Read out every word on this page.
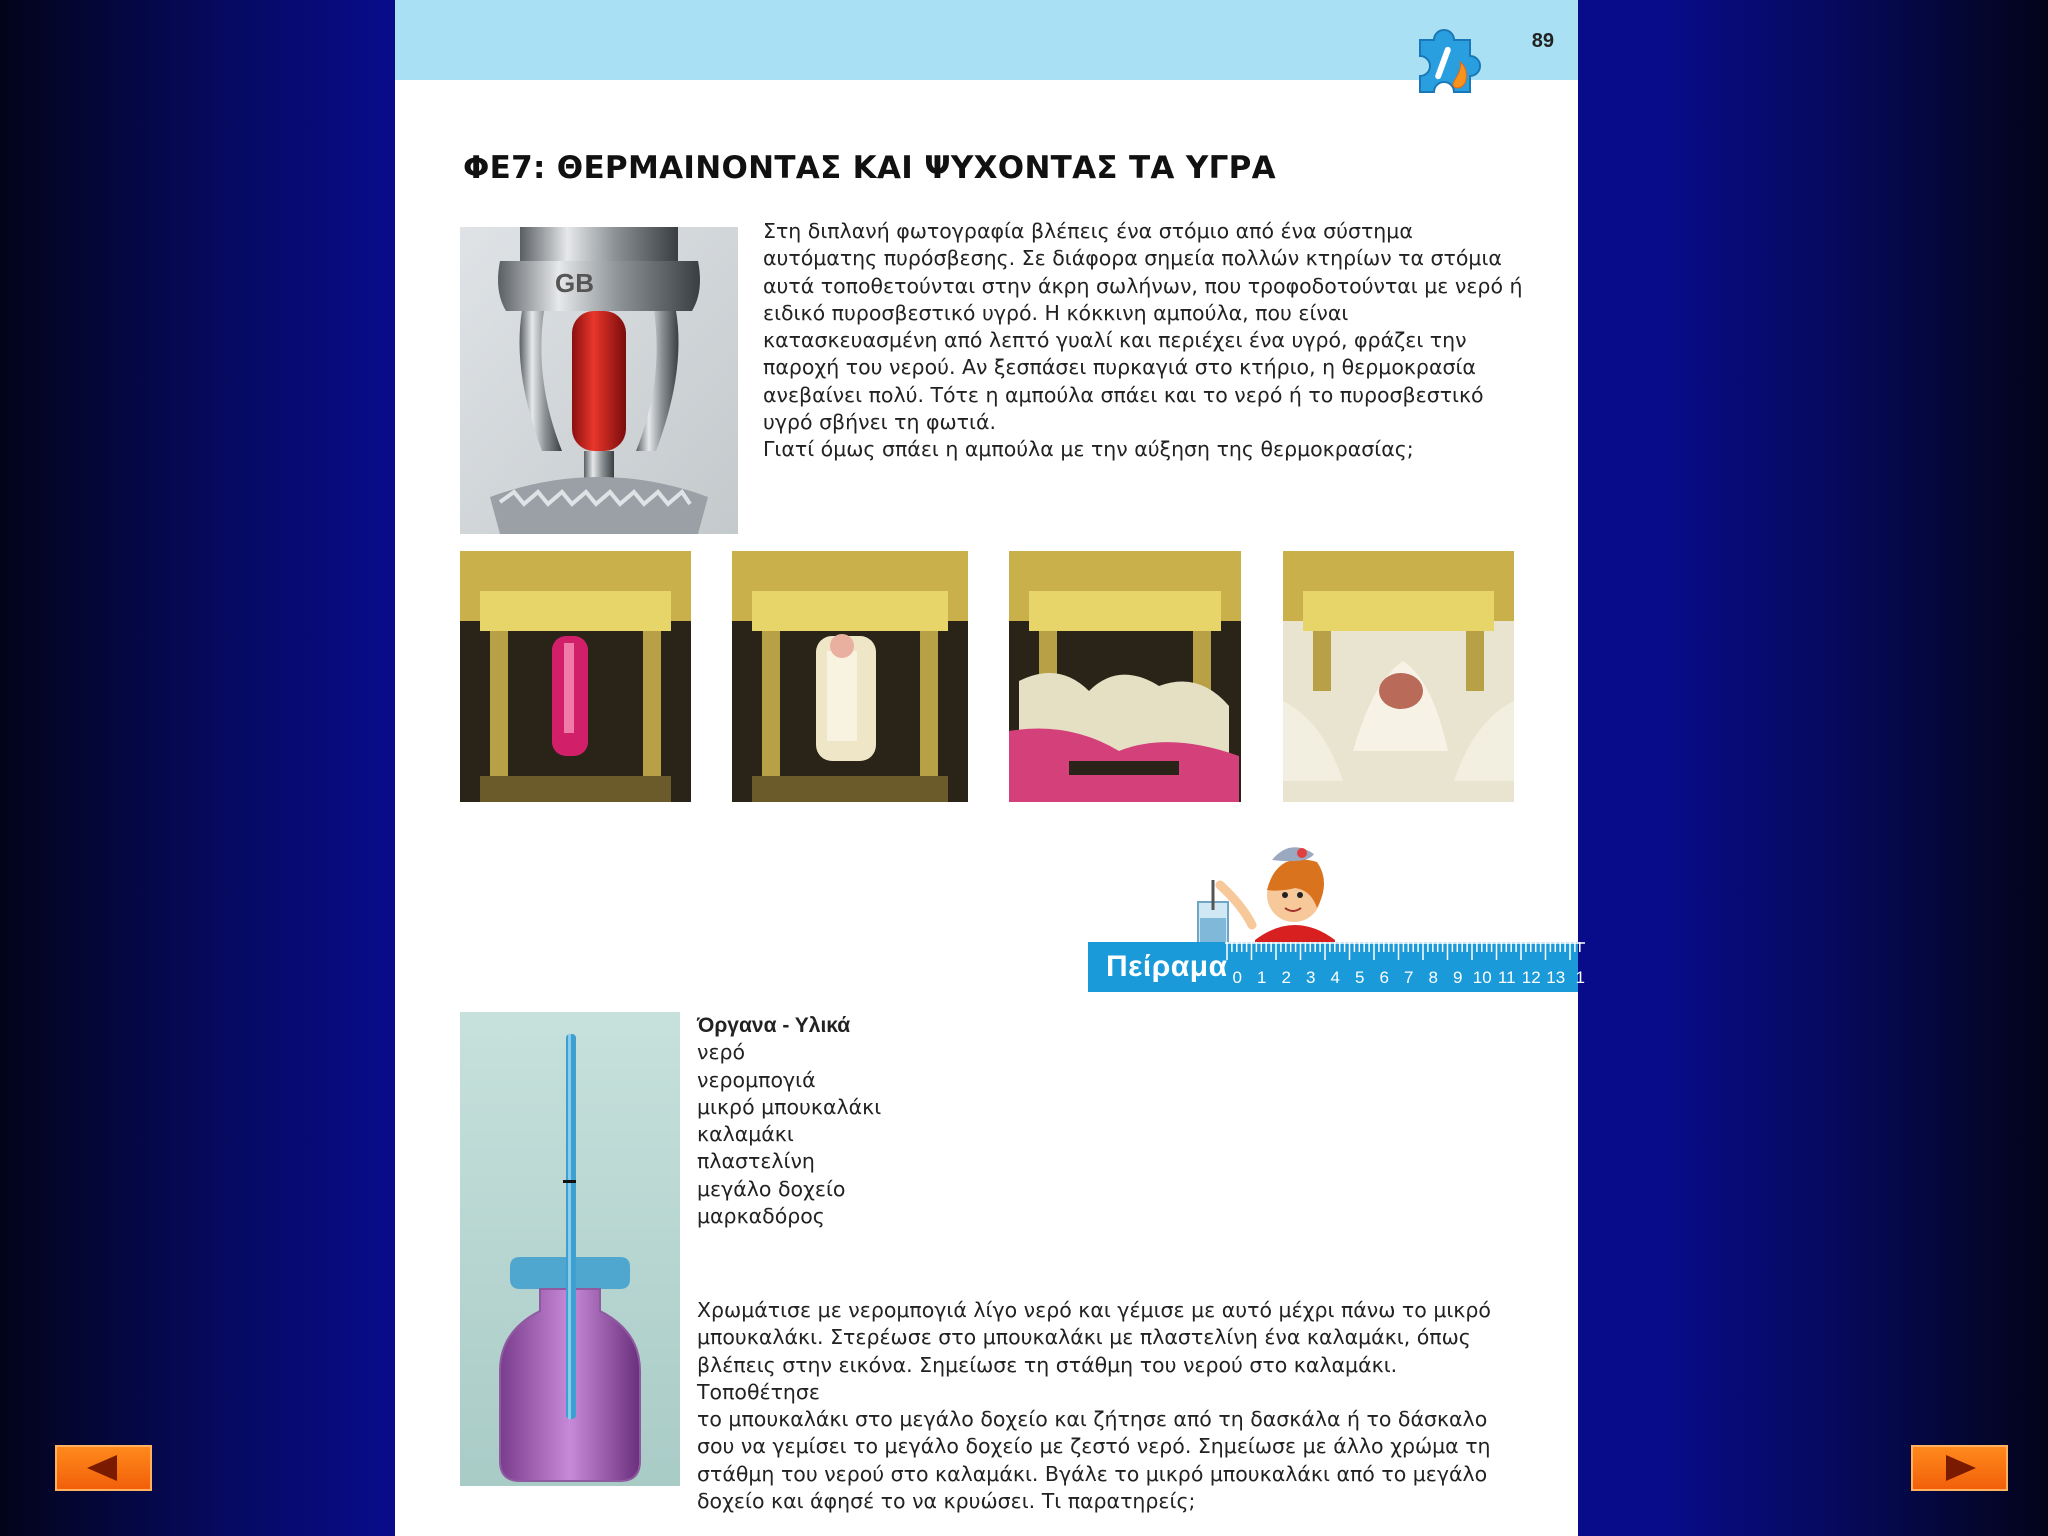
89
ΦΕ7: ΘΕΡΜΑΙΝΟΝΤΑΣ ΚΑΙ ΨΥΧΟΝΤΑΣ ΤΑ ΥΓΡΑ
GB

Στη διπλανή φωτογραφία βλέπεις ένα στόμιο από ένα σύστημα

αυτόματης πυρόσβεσης. Σε διάφορα σημεία πολλών κτηρίων τα στόμια

αυτά τοποθετούνται στην άκρη σωλήνων, που τροφοδοτούνται με νερό ή

ειδικό πυροσβεστικό υγρό. Η κόκκινη αμπούλα, που είναι

κατασκευασμένη από λεπτό γυαλί και περιέχει ένα υγρό, φράζει την

παροχή του νερού. Αν ξεσπάσει πυρκαγιά στο κτήριο, η θερμοκρασία

ανεβαίνει πολύ. Τότε η αμπούλα σπάει και το νερό ή το πυροσβεστικό

υγρό σβήνει τη φωτιά.

Γιατί όμως σπάει η αμπούλα με την αύξηση της θερμοκρασίας;

Πείραμα 0 1 2 3 4 5 6 7 8 9 10 11 12 13 1
Όργανα - Υλικά
νερό
νερομπογιά
μικρό μπουκαλάκι
καλαμάκι
πλαστελίνη
μεγάλο δοχείο
μαρκαδόρος
Χρωμάτισε με νερομπογιά λίγο νερό και γέμισε με αυτό μέχρι πάνω το μικρό
μπουκαλάκι. Στερέωσε στο μπουκαλάκι με πλαστελίνη ένα καλαμάκι, όπως
βλέπεις στην εικόνα. Σημείωσε τη στάθμη του νερού στο καλαμάκι. Τοποθέτησε
το μπουκαλάκι στο μεγάλο δοχείο και ζήτησε από τη δασκάλα ή το δάσκαλο
σου να γεμίσει το μεγάλο δοχείο με ζεστό νερό. Σημείωσε με άλλο χρώμα τη
στάθμη του νερού στο καλαμάκι. Βγάλε το μικρό μπουκαλάκι από το μεγάλο
δοχείο και άφησέ το να κρυώσει. Τι παρατηρείς;
